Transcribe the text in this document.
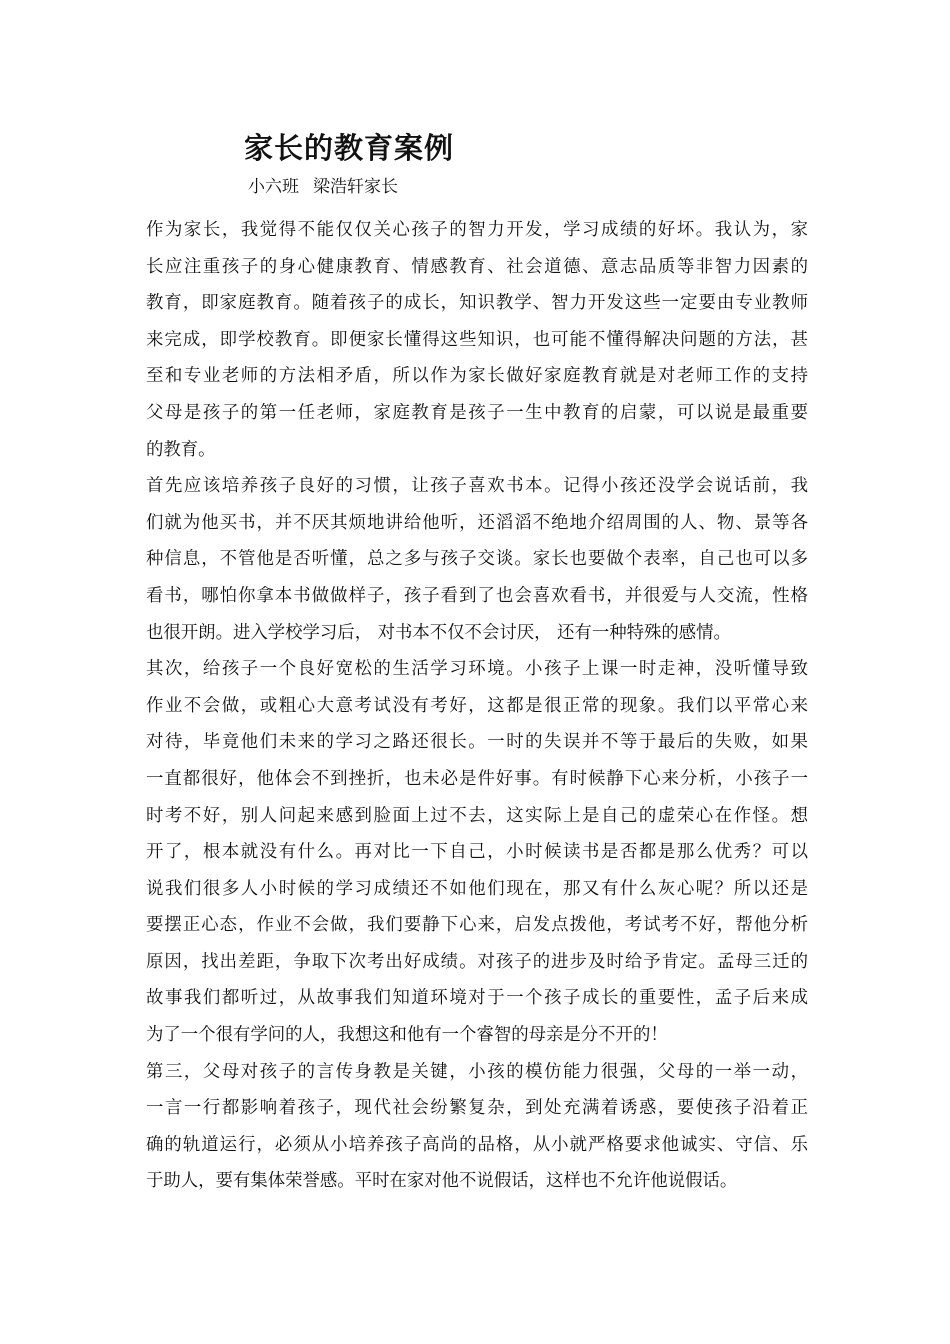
家长的教育案例
小六班 梁浩轩家长
作为家长，我觉得不能仅仅关心孩子的智力开发，学习成绩的好坏。我认为，家
长应注重孩子的身心健康教育、情感教育、社会道德、意志品质等非智力因素的
教育，即家庭教育。随着孩子的成长，知识教学、智力开发这些一定要由专业教师
来完成，即学校教育。即便家长懂得这些知识，也可能不懂得解决问题的方法，甚
至和专业老师的方法相矛盾，所以作为家长做好家庭教育就是对老师工作的支持
父母是孩子的第一任老师，家庭教育是孩子一生中教育的启蒙，可以说是最重要
的教育。
首先应该培养孩子良好的习惯，让孩子喜欢书本。记得小孩还没学会说话前，我
们就为他买书，并不厌其烦地讲给他听，还滔滔不绝地介绍周围的人、物、景等各
种信息，不管他是否听懂，总之多与孩子交谈。家长也要做个表率，自己也可以多
看书，哪怕你拿本书做做样子，孩子看到了也会喜欢看书，并很爱与人交流，性格
也很开朗。进入学校学习后， 对书本不仅不会讨厌， 还有一种特殊的感情。
其次，给孩子一个良好宽松的生活学习环境。小孩子上课一时走神，没听懂导致
作业不会做，或粗心大意考试没有考好，这都是很正常的现象。我们以平常心来
对待，毕竟他们未来的学习之路还很长。一时的失误并不等于最后的失败，如果
一直都很好，他体会不到挫折，也未必是件好事。有时候静下心来分析，小孩子一
时考不好，别人问起来感到脸面上过不去，这实际上是自己的虚荣心在作怪。想
开了，根本就没有什么。再对比一下自己，小时候读书是否都是那么优秀？可以
说我们很多人小时候的学习成绩还不如他们现在，那又有什么灰心呢？所以还是
要摆正心态，作业不会做，我们要静下心来，启发点拨他，考试考不好，帮他分析
原因，找出差距，争取下次考出好成绩。对孩子的进步及时给予肯定。孟母三迁的
故事我们都听过，从故事我们知道环境对于一个孩子成长的重要性，孟子后来成
为了一个很有学问的人，我想这和他有一个睿智的母亲是分不开的！
第三，父母对孩子的言传身教是关键，小孩的模仿能力很强，父母的一举一动，
一言一行都影响着孩子，现代社会纷繁复杂，到处充满着诱惑，要使孩子沿着正
确的轨道运行，必须从小培养孩子高尚的品格，从小就严格要求他诚实、守信、乐
于助人，要有集体荣誉感。平时在家对他不说假话，这样也不允许他说假话。
